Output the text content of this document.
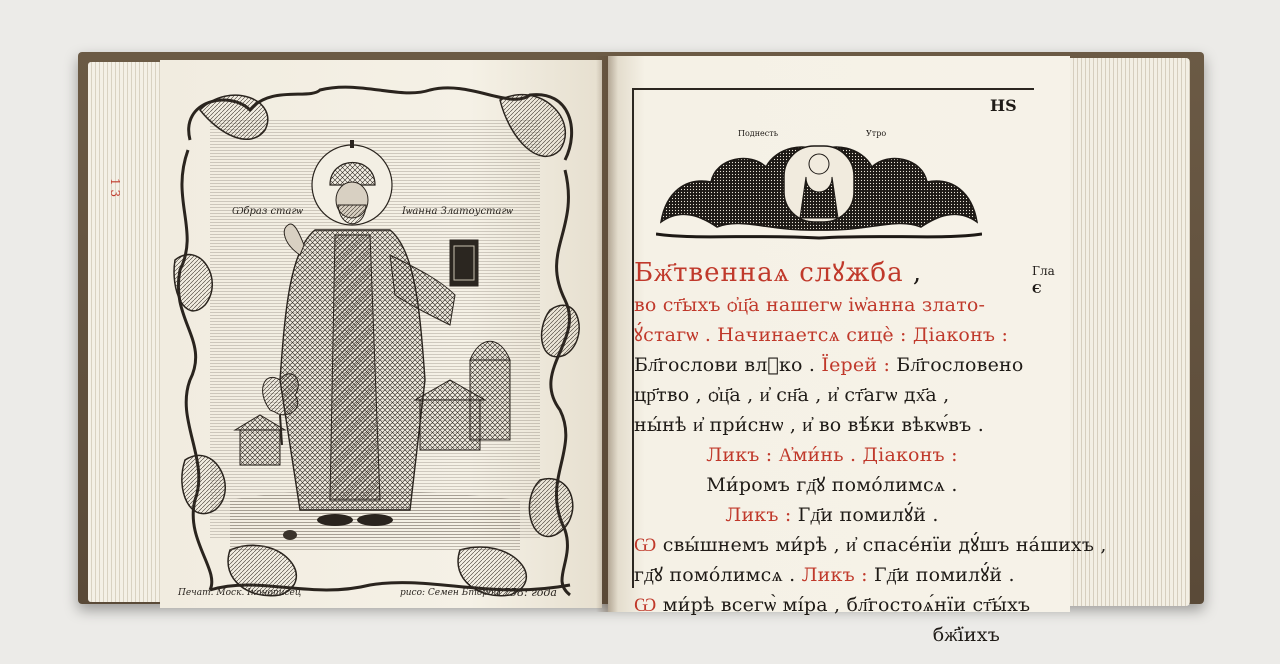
1 3
Ѡбраз стагѡ	Іѡанна Златоустагѡ
Печат. Моск. Іконописец	рисо: Семен Бторой
1758: года
НЅ
Поднесть	Утро
Гла
Є
Бж҃твеннаѧ слꙋжба ,
во ст҃ыхъ ѻ҆ц҃а нашегѡ іѡ҆анна злато-
ꙋ́стагѡ . Начинаетсѧ сицѐ : Діаконъ :
Бл҃гослови влⷣко . Їерей : Бл҃гословено
цр҃тво , ѻ҆ц҃а , и҆ сн҃а , и҆ ст҃агѡ дх҃а ,
ны́нѣ и҆ при́снѡ , и҆ во вѣ́ки вѣкѡ́въ .
Ликъ : А҆ми́нь . Діаконъ :
Ми́ромъ гд҃ꙋ помо́лимсѧ .
Ликъ : Гд҃и помилꙋ́й .
Ѡ свы́шнемъ ми́рѣ , и҆ спасе́нїи дꙋ́шъ на́шихъ ,
гд҃ꙋ помо́лимсѧ . Ликъ : Гд҃и помилꙋ́й .
Ѡ ми́рѣ всегѡ̀ мі́ра , бл҃гостоѧ́нїи ст҃ы́хъ
бж҃їихъ
